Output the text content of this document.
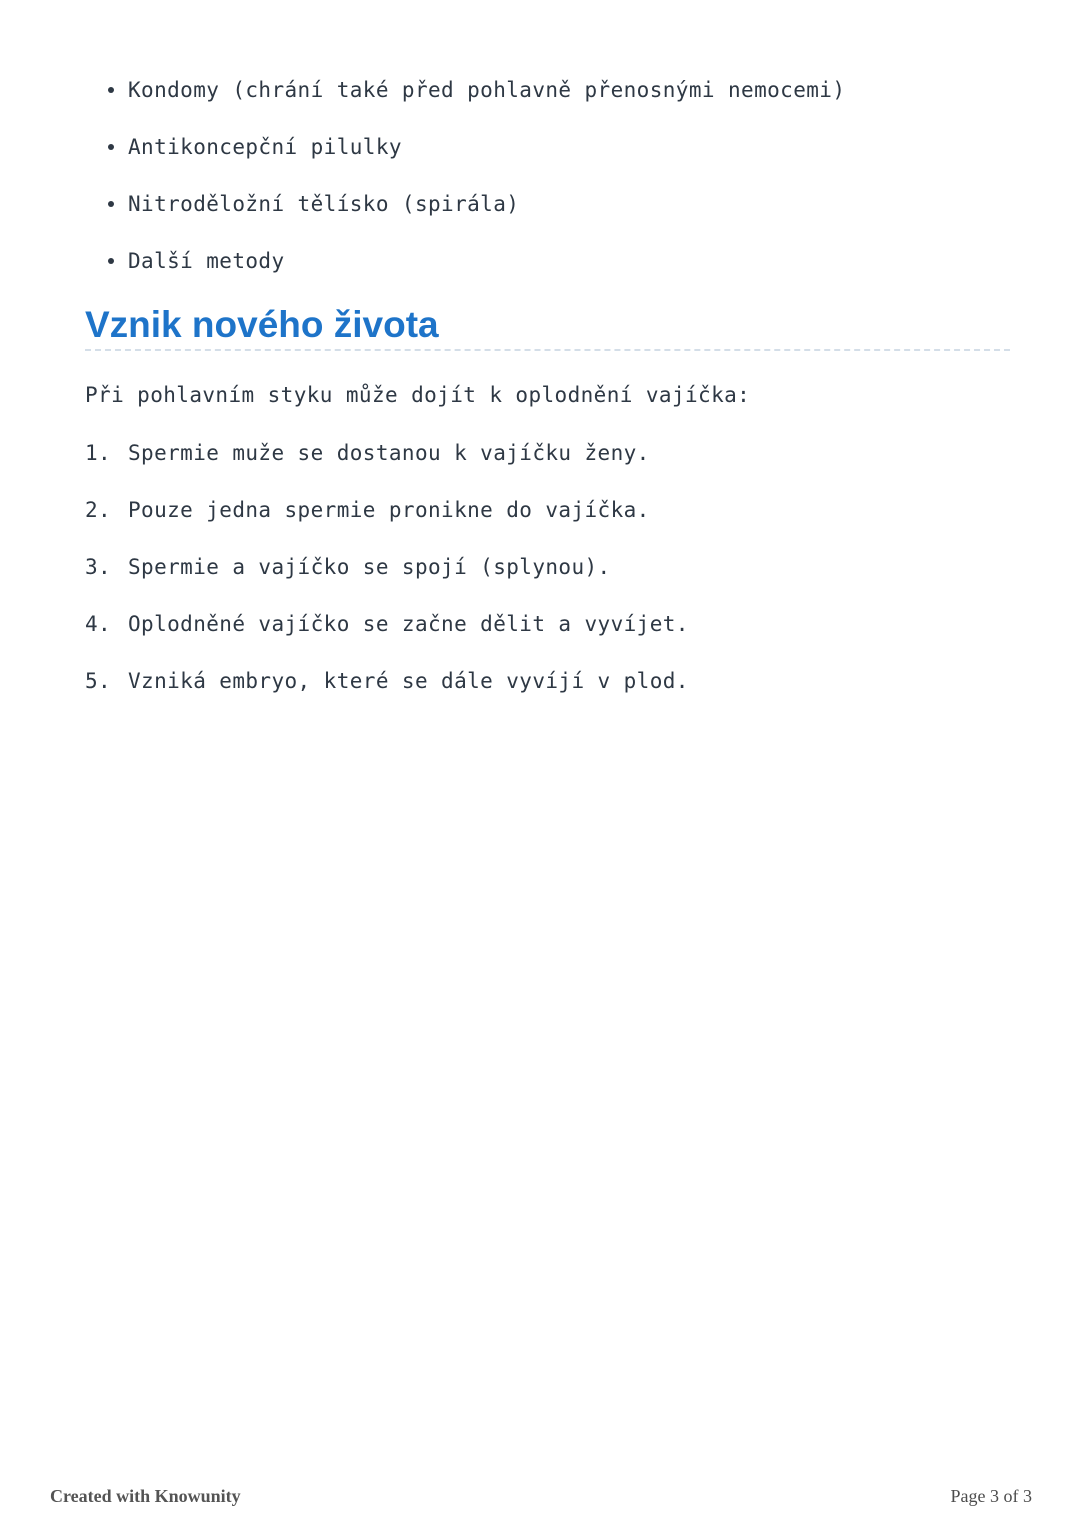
Kondomy (chrání také před pohlavně přenosnými nemocemi)
Antikoncepční pilulky
Nitroděložní tělísko (spirála)
Další metody
Vznik nového života

Při pohlavním styku může dojít k oplodnění vajíčka:

1. Spermie muže se dostanou k vajíčku ženy.
2. Pouze jedna spermie pronikne do vajíčka.
3. Spermie a vajíčko se spojí (splynou).
4. Oplodněné vajíčko se začne dělit a vyvíjet.
5. Vzniká embryo, které se dále vyvíjí v plod.
Created with Knowunity	Page 3 of 3
